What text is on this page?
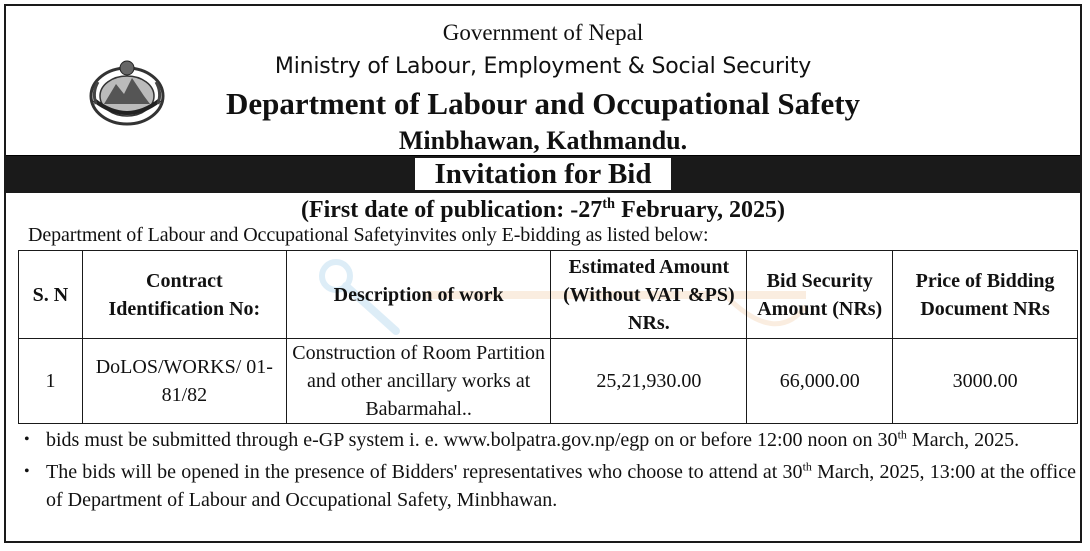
Government of Nepal
Ministry of Labour, Employment & Social Security
Department of Labour and Occupational Safety
Minbhawan, Kathmandu.
Invitation for Bid
(First date of publication: -27th February, 2025)
Department of Labour and Occupational Safetyinvites only E-bidding as listed below:
S. N	Contract Identification No:	Description of work	Estimated Amount (Without VAT &PS) NRs.	Bid Security Amount (NRs)	Price of Bidding Document NRs
1	DoLOS/WORKS/ 01-81/82	Construction of Room Partition and other ancillary works at Babarmahal..	25,21,930.00	66,000.00	3000.00
• bids must be submitted through e-GP system i. e. www.bolpatra.gov.np/egp on or before 12:00 noon on 30th March, 2025.
• The bids will be opened in the presence of Bidders' representatives who choose to attend at 30th March, 2025, 13:00 at the office of Department of Labour and Occupational Safety, Minbhawan.
